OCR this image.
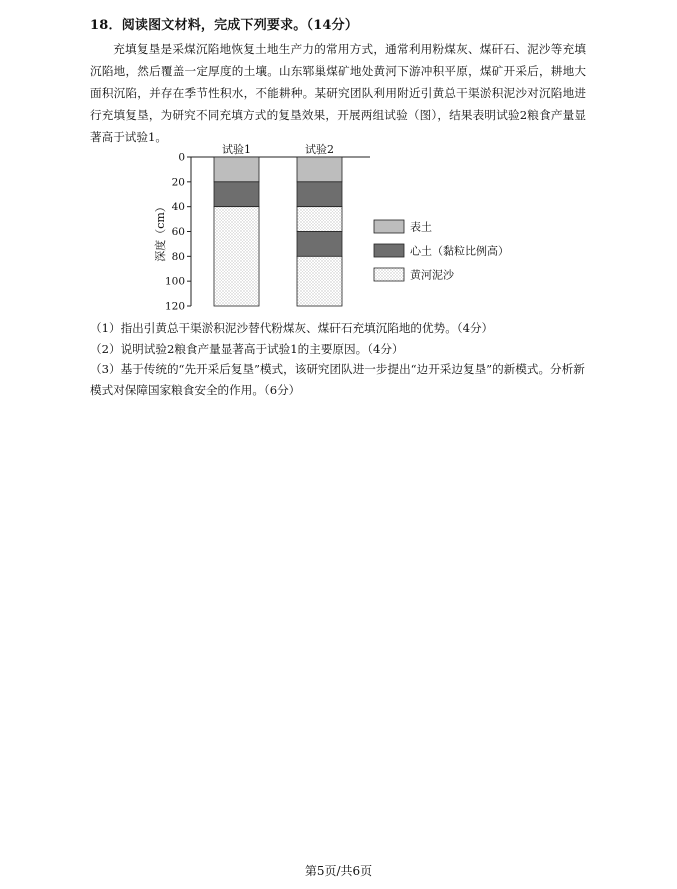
18．阅读图文材料，完成下列要求。（14分）
充填复垦是采煤沉陷地恢复土地生产力的常用方式，通常利用粉煤灰、煤矸石、泥沙等充填沉陷地，然后覆盖一定厚度的土壤。山东郓巢煤矿地处黄河下游冲积平原，煤矿开采后，耕地大面积沉陷，并存在季节性积水，不能耕种。某研究团队利用附近引黄总干渠淤积泥沙对沉陷地进行充填复垦，为研究不同充填方式的复垦效果，开展两组试验（图），结果表明试验2粮食产量显著高于试验1。
0
20
40
60
80
100
120
深度（cm）
试验1	试验2
表土
心土（黏粒比例高）
黄河泥沙

（1）指出引黄总干渠淤积泥沙替代粉煤灰、煤矸石充填沉陷地的优势。（4分）

（2）说明试验2粮食产量显著高于试验1的主要原因。（4分）

（3）基于传统的“先开采后复垦”模式，该研究团队进一步提出“边开采边复垦”的新模式。分析新模式对保障国家粮食安全的作用。（6分）

第5页/共6页
